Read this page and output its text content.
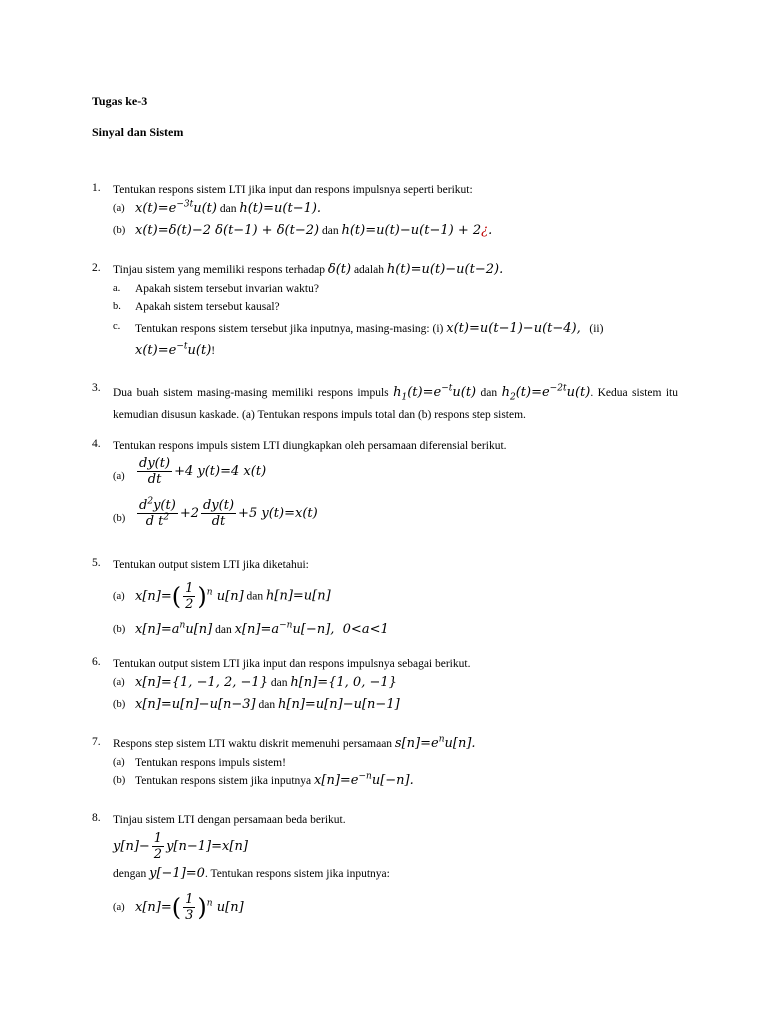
Tugas ke-3
Sinyal dan Sistem
1. Tentukan respons sistem LTI jika input dan respons impulsnya seperti berikut:
(a) $x(t)=e^{-3t}u(t)$ dan h(t)=u(t−1).
(b) x(t)=δ(t)−2 δ(t−1) + δ(t−2) dan h(t)=u(t)−u(t−1) + 2¿.
2. Tinjau sistem yang memiliki respons terhadap δ(t) adalah h(t)=u(t)−u(t−2).
a. Apakah sistem tersebut invarian waktu?
b. Apakah sistem tersebut kausal?
c. Tentukan respons sistem tersebut jika inputnya, masing-masing: (i) x(t)=u(t−1)−u(t−4), (ii)
$x(t)=e^{-t}u(t)$!
3. Dua buah sistem masing-masing memiliki respons impuls $h_1(t)=e^{-t}u(t)$ dan $h_2(t)=e^{-2t}u(t)$. Kedua sistem itu kemudian disusun kaskade. (a) Tentukan respons impuls total dan (b) respons step sistem.
4. Tentukan respons impuls sistem LTI diungkapkan oleh persamaan diferensial berikut.
$(a) \frac{dy(t)}{dt} +4$ y(t)=4 x(t)
$(b) \frac{d^2y(t)}{d t^2} +2 \frac{dy(t)}{dt} +5$ y(t)=x(t)
5. Tentukan output sistem LTI jika diketahui:
(a) $x[n]=( \frac{1}{2} )^n$ u[n] dan h[n]=u[n]
(b) $x[n]=a^nu[n]$ dan $x[n]=a^{-n}u[-n]$,  0<a<1
6. Tentukan output sistem LTI jika input dan respons impulsnya sebagai berikut.
(a) x[n]={1, −1, 2, −1} dan h[n]={1, 0, −1}
(b) x[n]=u[n]−u[n−3] dan h[n]=u[n]−u[n−1]
7. Respons step sistem LTI waktu diskrit memenuhi persamaan $s[n]=e^nu[n]$.
(a) Tentukan respons impuls sistem!
(b) Tentukan respons sistem jika inputnya $x[n]=e^{-n}u[-n]$.
8. Tinjau sistem LTI dengan persamaan beda berikut.
$y[n]- \frac{1}{2} y[n-1]=x[n]$
dengan y[−1]=0. Tentukan respons sistem jika inputnya:
(a) $x[n]=( \frac{1}{3} )^n$ u[n]
